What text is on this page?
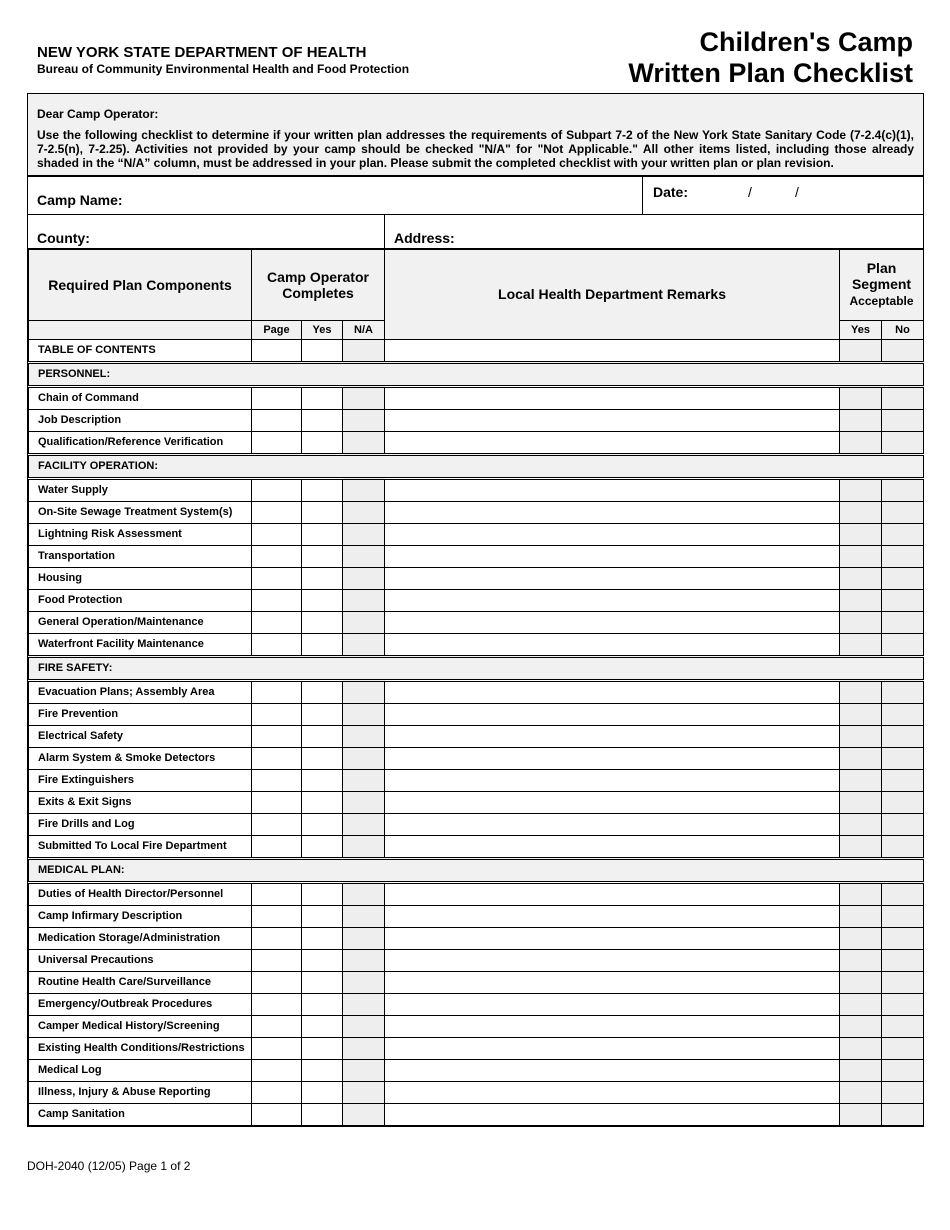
NEW YORK STATE DEPARTMENT OF HEALTH
Bureau of Community Environmental Health and Food Protection
Children's Camp
Written Plan Checklist
Dear Camp Operator:
Use the following checklist to determine if your written plan addresses the requirements of Subpart 7-2 of the New York State Sanitary Code (7-2.4(c)(1), 7-2.5(n), 7-2.25). Activities not provided by your camp should be checked "N/A" for "Not Applicable." All other items listed, including those already shaded in the “N/A” column, must be addressed in your plan. Please submit the completed checklist with your written plan or plan revision.
Camp Name:	Date:	/	/
County:	Address:
Required Plan Components	Camp Operator Completes			Local Health Department Remarks	Plan Segment
Acceptable	
	Page	Yes	N/A		Yes	No
TABLE OF CONTENTS						
PERSONNEL:						
Chain of Command						
Job Description						
Qualification/Reference Verification						
FACILITY OPERATION:						
Water Supply						
On-Site Sewage Treatment System(s)						
Lightning Risk Assessment						
Transportation						
Housing						
Food Protection						
General Operation/Maintenance						
Waterfront Facility Maintenance						
FIRE SAFETY:						
Evacuation Plans; Assembly Area						
Fire Prevention						
Electrical Safety						
Alarm System & Smoke Detectors						
Fire Extinguishers						
Exits & Exit Signs						
Fire Drills and Log						
Submitted To Local Fire Department						
MEDICAL PLAN:						
Duties of Health Director/Personnel						
Camp Infirmary Description						
Medication Storage/Administration						
Universal Precautions						
Routine Health Care/Surveillance						
Emergency/Outbreak Procedures						
Camper Medical History/Screening						
Existing Health Conditions/Restrictions						
Medical Log						
Illness, Injury & Abuse Reporting						
Camp Sanitation						
DOH-2040 (12/05) Page 1 of 2
